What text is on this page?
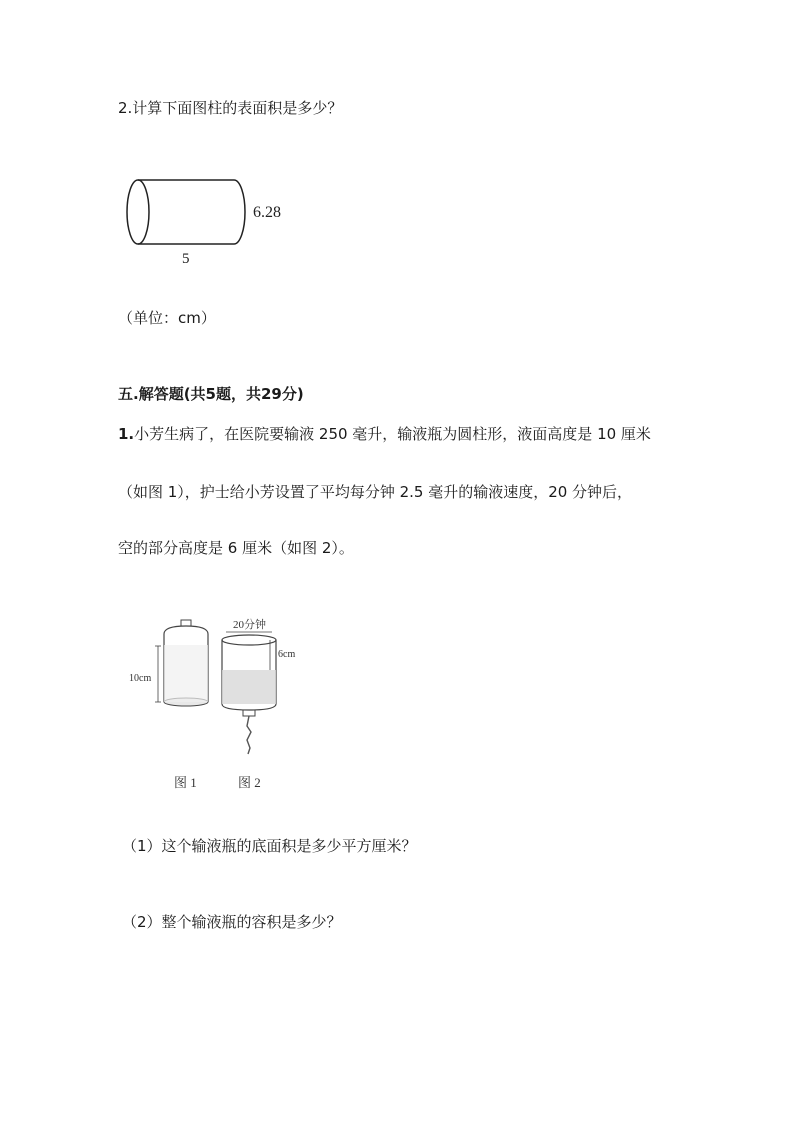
2.计算下面图柱的表面积是多少？
6.28
5
（单位：cm）
五.解答题(共5题，共29分)
1.小芳生病了，在医院要输液 250 毫升，输液瓶为圆柱形，液面高度是 10 厘米
（如图 1），护士给小芳设置了平均每分钟 2.5 毫升的输液速度，20 分钟后，
空的部分高度是 6 厘米（如图 2）。
10cm
20分钟
6cm
图 1	图 2
（1）这个输液瓶的底面积是多少平方厘米？
（2）整个输液瓶的容积是多少？
